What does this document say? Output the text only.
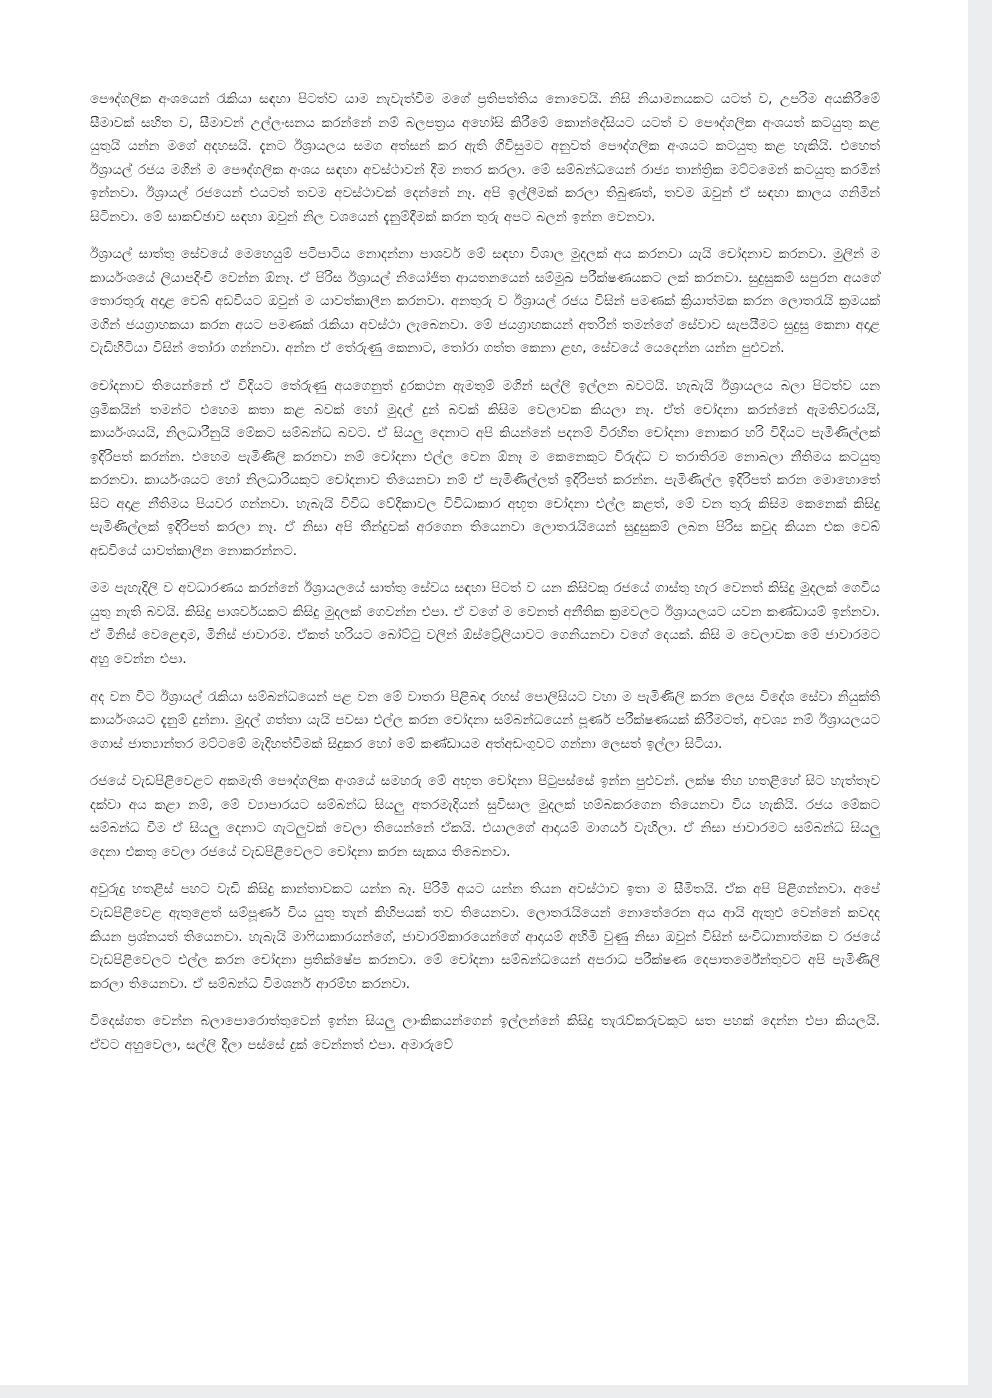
පෞද්ගලික අංශයෙන් රැකියා සඳහා පිටත්ව යාම නැවැත්වීම මගේ ප්‍රතිපත්තිය නොවෙයි. නිසි නියාමනයකට යටත් ව, උපරිම අයකිරීමේ සීමාවක් සහිත ව, සීමාවන් උල්ලංඝනය කරන්නේ නම් බලපත්‍රය අහෝසි කිරීමේ කොන්දේසියට යටත් ව පෞද්ගලික අංශයත් කටයුතු කළ යුතුයි යන්න මගේ අදහසයි. දැනට ඊශ්‍රායලය සමග අත්සන් කර ඇති ගිවිසුමට අනුවත් පෞද්ගලික අංශයට කටයුතු කළ හැකියි. එහෙත් ඊශ්‍රායල් රජය මගින් ම පෞද්ගලික අංශය සඳහා අවස්ථාවන් දීම නතර කරලා. මේ සම්බන්ධයෙන් රාජ්‍ය තාන්ත්‍රික මට්ටමෙන් කටයුතු කරමින් ඉන්නවා. ඊශ්‍රායල් රජයෙන් එයටත් තවම අවස්ථාවක් දෙන්නේ නෑ. අපි ඉල්ලීමක් කරලා තිබුණත්, තවම ඔවුන් ඒ සඳහා කාලය ගනිමින් සිටිනවා. මේ සාකච්ඡාව සඳහා ඔවුන් නිල වශයෙන් දැනුම්දීමක් කරන තුරු අපට බලන් ඉන්න වෙනවා.

ඊශ්‍රායල් සාත්තු සේවයේ මෙහෙයුම් පටිපාටිය නොදන්නා පාශර්ව මේ සඳහා විශාල මුදලක් අය කරනවා යැයි චෝදනාව කරනවා. මුලින් ම කායර්ංශයේ ලියාපදිංචි වෙන්න ඕනෑ. ඒ පිරිස ඊශ්‍රායල් නියෝජිත ආයතනයෙන් සම්මුඛ පරීක්ෂණයකට ලක් කරනවා. සුදුසුකම් සපුරන අයගේ තොරතුරු අදාළ වෙබ් අඩවියට ඔවුන් ම යාවත්කාලීන කරනවා. අනතුරු ව ඊශ්‍රායල් රජය විසින් පමණක් ක්‍රියාත්මක කරන ලොතරැයි ක්‍රමයක් මගින් ජයග්‍රාහකයා කරන අයට පමණක් රැකියා අවස්ථා ලැබෙනවා. මේ ජයග්‍රාහකයන් අතරින් තමන්ගේ සේවාව සැපයීමට සුදුසු කෙනා අදාළ වැඩිහිටියා විසින් තෝරා ගන්නවා. අන්න ඒ තේරුණු කෙනාට, තෝරා ගත්ත කෙනා ළඟ, සේවයේ යෙදෙන්න යන්න පුළුවන්.

චෝදනාව තියෙන්නේ ඒ විදියට තේරුණු අයගෙනුත් දුරකථන ඇමතුම් මගින් සල්ලි ඉල්ලන බවටයි. හැබැයි ඊශ්‍රායලය බලා පිටත්ව යන ශ්‍රමිකයින් තමන්ට එහෙම කතා කළ බවක් හෝ මුදල් දුන් බවක් කිසිම වෙලාවක කියලා නෑ. ඒත් චෝදනා කරන්නේ ඇමතිවරයයි, කායර්ංශයයි, නිලධාරීනුයි මේකට සම්බන්ධ බවට. ඒ සියලු දෙනාට අපි කියන්නේ පදනම් විරහිත චෝදනා නොකර හරි විදියට පැමිණිල්ලක් ඉදිරිපත් කරන්න. එහෙම පැමිණිලි කරනවා නම් චෝදනා එල්ල වෙන ඕනෑ ම කෙනෙකුට විරුද්ධ ව තරාතිරම නොබලා නීතිමය කටයුතු කරනවා. කායර්ංශයට හෝ නිලධාරියකුට චෝදනාව තියෙනවා නම් ඒ පැමිණිල්ලත් ඉදිරිපත් කරන්න. පැමිණිල්ල ඉදිරිපත් කරන මොහොතේ සිට අදාළ නීතිමය පියවර ගන්නවා. හැබැයි විවිධ වේදිකාවල විවිධාකාර අභූත චෝදනා එල්ල කළත්, මේ වන තුරු කිසිම කෙනෙක් කිසිදු පැමිණිල්ලක් ඉදිරිපත් කරලා නෑ. ඒ නිසා අපි තීන්දුවක් අරගෙන තියෙනවා ලොතරැයියෙන් සුදුසුකම් ලබන පිරිස කවුද කියන එක වෙබ් අඩවියේ යාවත්කාලීන නොකරන්නට.

මම පැහැදිලි ව අවධාරණය කරන්නේ ඊශ්‍රායලයේ සාත්තු සේවය සඳහා පිටත් ව යන කිසිවකු රජයේ ගාස්තු හැර වෙනත් කිසිදු මුදලක් ගෙවිය යුතු නැති බවයි. කිසිදු පාශර්වයකට කිසිදු මුදලක් ගෙවන්න එපා. ඒ වගේ ම වෙනත් අනීතික ක්‍රමවලට ඊශ්‍රායලයට යවන කණ්ඩායම් ඉන්නවා. ඒ මිනිස් වෙළෙඳාම, මිනිස් ජාවාරම. ඒකත් හරියට බෝට්ටු වලින් ඕස්ට්‍රේලියාවට ගෙනියනවා වගේ දෙයක්. කිසි ම වෙලාවක මේ ජාවාරමට අහු වෙන්න එපා.

අද වන විට ඊශ්‍රායල් රැකියා සම්බන්ධයෙන් පළ වන මේ වාතරා පිළිබඳ රහස් පොලිසියට වහා ම පැමිණිලි කරන ලෙස විදේශ සේවා නියුක්ති කායර්ංශයට දැනුම් දුන්නා. මුදල් ගත්තා යැයි පවසා එල්ල කරන චෝදනා සම්බන්ධයෙන් පූණර් පරීක්ෂණයක් කිරීමටත්, අවශ්‍ය නම් ඊශ්‍රායලයට ගොස් ජාත්‍යාන්තර මට්ටමේ මැදිහත්වීමක් සිදුකර හෝ මේ කණ්ඩායම අත්අඩංගුවට ගන්නා ලෙසත් ඉල්ලා සිටියා.

රජයේ වැඩපිළිවෙළට අකමැති පෞද්ගලික අංශයේ සමහරු මේ අභූත චෝදනා පිටුපස්සේ ඉන්න පුළුවන්. ලක්ෂ තිහ හතළිහේ සිට හැත්තෑව දක්වා අය කළා නම්, මේ ව්‍යාපාරයට සම්බන්ධ සියලු අතරමැදියන් සුවිසාල මුදලක් හම්බකරගෙන තියෙනවා විය හැකියි. රජය මේකට සම්බන්ධ වීම ඒ සියලු දෙනාට ගැටලුවක් වෙලා තියෙන්නේ ඒකයි. එයාලගේ ආදායම් මාගර්ය වැහිලා. ඒ නිසා ජාවාරමට සම්බන්ධ සියලු දෙනා එකතු වෙලා රජයේ වැඩපිළිවෙලට චෝදනා කරන සැකය තිබෙනවා.

අවුරුදු හතළිස් පහට වැඩි කිසිදු කාන්තාවකට යන්න බෑ. පිරිමි අයට යන්න තියන අවස්ථාව ඉතා ම සීමිතයි. ඒක අපි පිළිගන්නවා. අපේ වැඩපිළිවෙළ ඇතුළෙත් සම්පූණර් විය යුතු තැන් කිහිපයක් තව තියෙනවා. ලොතරැයියෙන් නොතේරෙන අය ආයි ඇතුළු වෙන්නේ කවදද කියන ප්‍රශ්නයත් තියෙනවා. හැබැයි මාෆියාකාරයන්ගේ, ජාවාරම්කාරයෙන්ගේ ආදායම් අහිමි වුණු නිසා ඔවුන් විසින් සංවිධානාත්මක ව රජයේ වැඩපිළිවෙලට එල්ල කරන චෝදනා ප්‍රතික්ෂේප කරනවා. මේ චෝදනා සම්බන්ධයෙන් අපරාධ පරීක්ෂණ දෙපාතර්මේන්තුවට අපි පැමිණිලි කරලා තියෙනවා. ඒ සම්බන්ධ විමශර්න ආරම්භ කරනවා.

විදෙස්ගත වෙන්න බලාපොරොත්තුවෙන් ඉන්න සියලු ලාංකිකයන්ගෙන් ඉල්ලන්නේ කිසිදු තැරැව්කරුවකුට සත පහක් දෙන්න එපා කියලයි. ඒවට අහුවෙලා, සල්ලි දීලා පස්සේ දුක් වෙන්නත් එපා. අමාරුවේ
